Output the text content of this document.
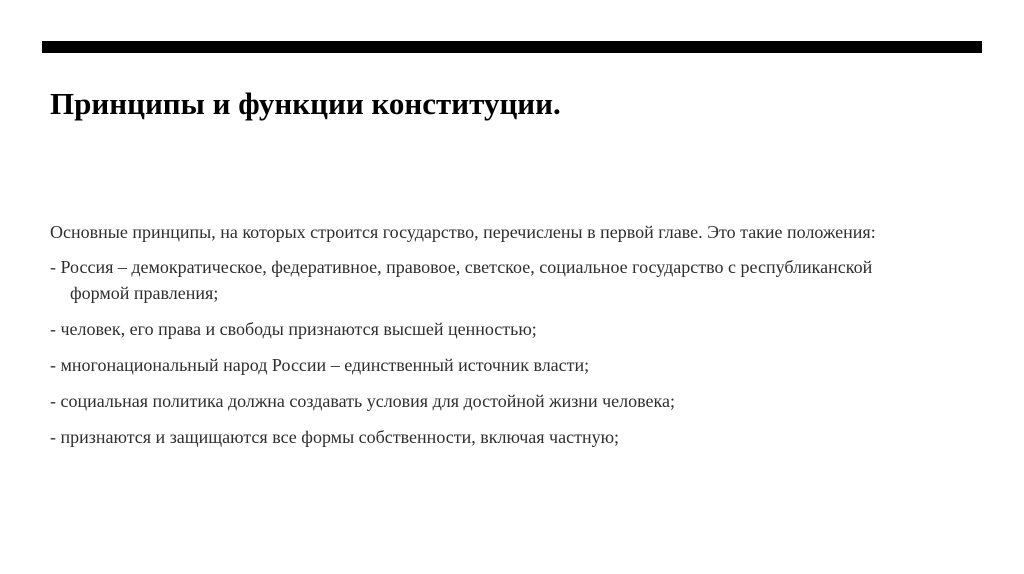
Принципы и функции конституции.

Основные принципы, на которых строится государство, перечислены в первой главе. Это такие положения:

- Россия – демократическое, федеративное, правовое, светское, социальное государство с республиканской
формой правления;

- человек, его права и свободы признаются высшей ценностью;

- многонациональный народ России – единственный источник власти;

- социальная политика должна создавать условия для достойной жизни человека;

- признаются и защищаются все формы собственности, включая частную;
